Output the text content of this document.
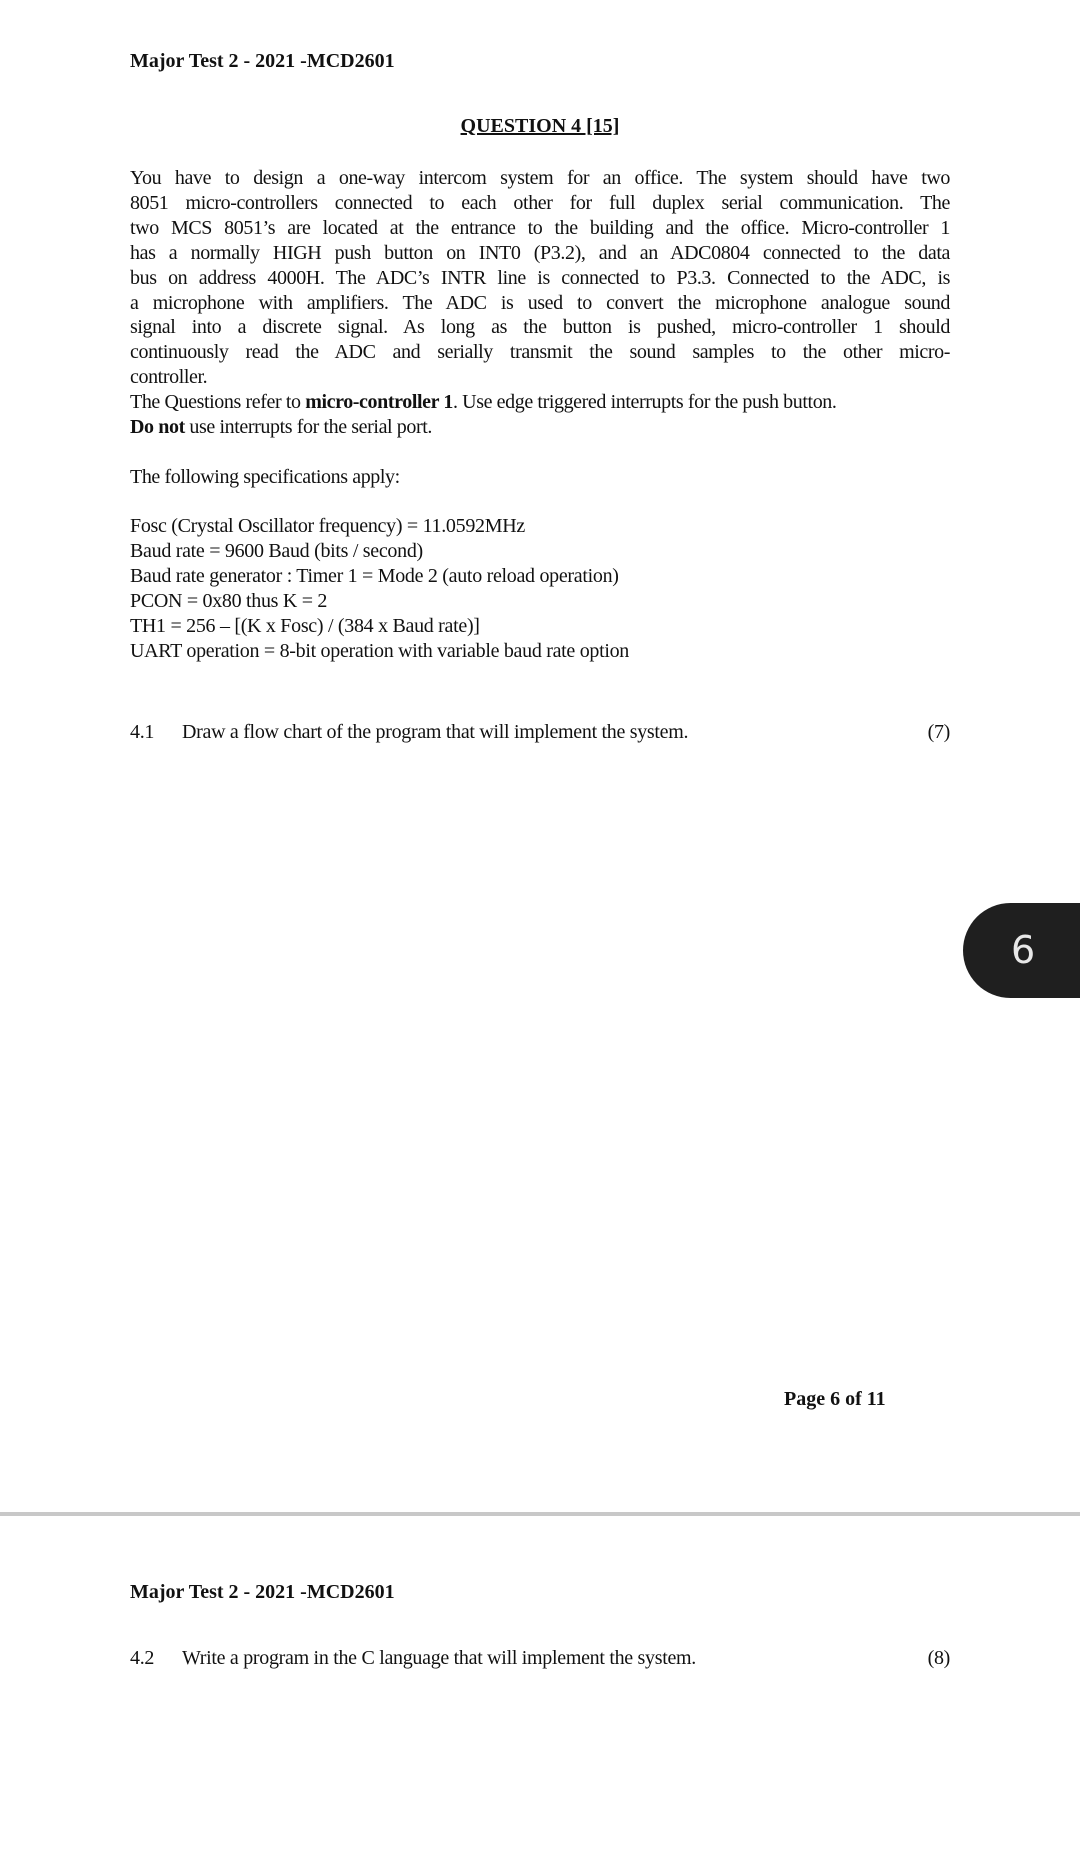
Major Test 2 - 2021 -MCD2601
QUESTION 4 [15]
You have to design a one-way intercom system for an office. The system should have two
8051 micro-controllers connected to each other for full duplex serial communication. The
two MCS 8051’s are located at the entrance to the building and the office. Micro-controller 1
has a normally HIGH push button on INT0 (P3.2), and an ADC0804 connected to the data
bus on address 4000H. The ADC’s INTR line is connected to P3.3. Connected to the ADC, is
a microphone with amplifiers. The ADC is used to convert the microphone analogue sound
signal into a discrete signal. As long as the button is pushed, micro-controller 1 should
continuously read the ADC and serially transmit the sound samples to the other micro-
controller.
The Questions refer to micro-controller 1. Use edge triggered interrupts for the push button.
Do not use interrupts for the serial port.
The following specifications apply:
Fosc (Crystal Oscillator frequency) = 11.0592MHz
Baud rate = 9600 Baud (bits / second)
Baud rate generator : Timer 1 = Mode 2 (auto reload operation)
PCON = 0x80 thus K = 2
TH1 = 256 – [(K x Fosc) / (384 x Baud rate)]
UART operation = 8-bit operation with variable baud rate option
4.1 Draw a flow chart of the program that will implement the system.	(7)
6
Page 6 of 11
Major Test 2 - 2021 -MCD2601
4.2 Write a program in the C language that will implement the system.	(8)
